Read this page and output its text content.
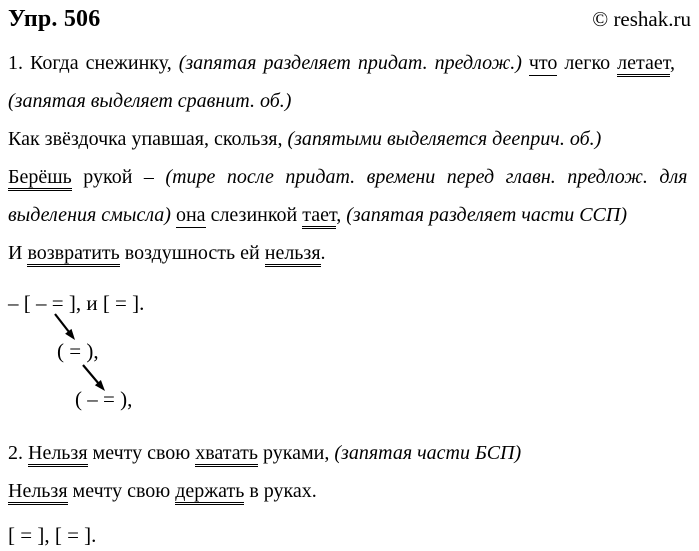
Упр. 506	© reshak.ru
1. Когда снежинку, (запятая разделяет придат. предлож.) что легко летает,
(запятая выделяет сравнит. об.)
Как звёздочка упавшая, скользя, (запятыми выделяется дееприч. об.)
Берёшь рукой – (тире после придат. времени перед главн. предлож. для
выделения смысла) она слезинкой тает, (запятая разделяет части ССП)
И возвратить воздушность ей нельзя.
– [ – = ], и [ = ].
( = ),
( – = ),
2. Нельзя мечту свою хватать руками, (запятая части БСП)
Нельзя мечту свою держать в руках.
[ = ], [ = ].
